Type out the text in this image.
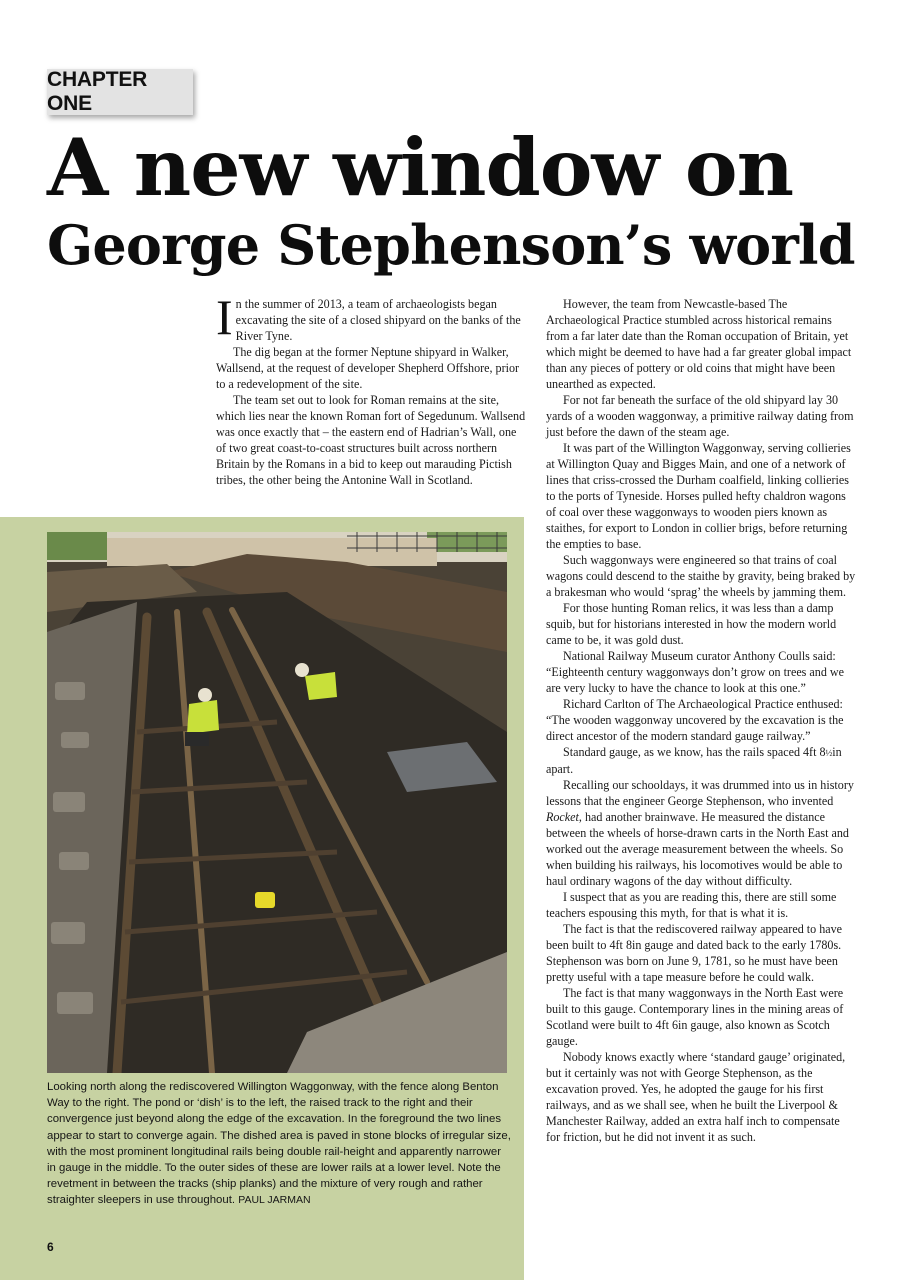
CHAPTER ONE
A new window on
George Stephenson’s world

In the summer of 2013, a team of archaeologists began excavating the site of a closed shipyard on the banks of the River Tyne.

The dig began at the former Neptune shipyard in Walker, Wallsend, at the request of developer Shepherd Offshore, prior to a redevelopment of the site.

The team set out to look for Roman remains at the site, which lies near the known Roman fort of Segedunum. Wallsend was once exactly that – the eastern end of Hadrian’s Wall, one of two great coast-to-coast structures built across northern Britain by the Romans in a bid to keep out marauding Pictish tribes, the other being the Antonine Wall in Scotland.

Looking north along the rediscovered Willington Waggonway, with the fence along Benton Way to the right. The pond or ‘dish’ is to the left, the raised track to the right and their convergence just beyond along the edge of the excavation. In the foreground the two lines appear to start to converge again. The dished area is paved in stone blocks of irregular size, with the most prominent longitudinal rails being double rail-height and apparently narrower in gauge in the middle. To the outer sides of these are lower rails at a lower level. Note the revetment in between the tracks (ship planks) and the mixture of very rough and rather straighter sleepers in use throughout. PAUL JARMAN
6

However, the team from Newcastle-based The Archaeological Practice stumbled across historical remains from a far later date than the Roman occupation of Britain, yet which might be deemed to have had a far greater global impact than any pieces of pottery or old coins that might have been unearthed as expected.

For not far beneath the surface of the old shipyard lay 30 yards of a wooden waggonway, a primitive railway dating from just before the dawn of the steam age.

It was part of the Willington Waggonway, serving collieries at Willington Quay and Bigges Main, and one of a network of lines that criss-crossed the Durham coalfield, linking collieries to the ports of Tyneside. Horses pulled hefty chaldron wagons of coal over these waggonways to wooden piers known as staithes, for export to London in collier brigs, before returning the empties to base.

Such waggonways were engineered so that trains of coal wagons could descend to the staithe by gravity, being braked by a brakesman who would ‘sprag’ the wheels by jamming them.

For those hunting Roman relics, it was less than a damp squib, but for historians interested in how the modern world came to be, it was gold dust.

National Railway Museum curator Anthony Coulls said: “Eighteenth century waggonways don’t grow on trees and we are very lucky to have the chance to look at this one.”

Richard Carlton of The Archaeological Practice enthused: “The wooden waggonway uncovered by the excavation is the direct ancestor of the modern standard gauge railway.”

Standard gauge, as we know, has the rails spaced 4ft 8½in apart.

Recalling our schooldays, it was drummed into us in history lessons that the engineer George Stephenson, who invented Rocket, had another brainwave. He measured the distance between the wheels of horse-drawn carts in the North East and worked out the average measurement between the wheels. So when building his railways, his locomotives would be able to haul ordinary wagons of the day without difficulty.

I suspect that as you are reading this, there are still some teachers espousing this myth, for that is what it is.

The fact is that the rediscovered railway appeared to have been built to 4ft 8in gauge and dated back to the early 1780s. Stephenson was born on June 9, 1781, so he must have been pretty useful with a tape measure before he could walk.

The fact is that many waggonways in the North East were built to this gauge. Contemporary lines in the mining areas of Scotland were built to 4ft 6in gauge, also known as Scotch gauge.

Nobody knows exactly where ‘standard gauge’ originated, but it certainly was not with George Stephenson, as the excavation proved. Yes, he adopted the gauge for his first railways, and as we shall see, when he built the Liverpool & Manchester Railway, added an extra half inch to compensate for friction, but he did not invent it as such.
